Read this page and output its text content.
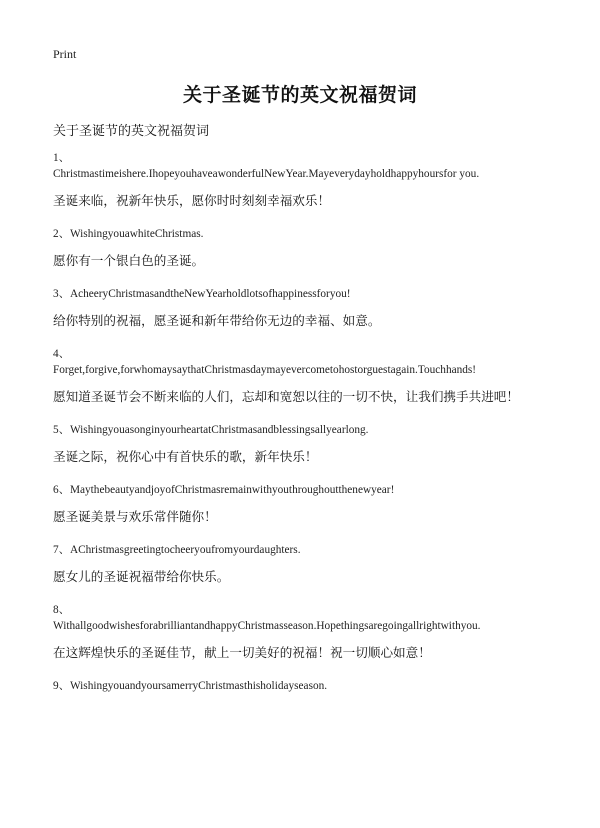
Print
关于圣诞节的英文祝福贺词
关于圣诞节的英文祝福贺词
1、
Christmastimeishere.IhopeyouhaveawonderfulNewYear.Mayeverydayholdhappyhoursfor you.
圣诞来临，祝新年快乐，愿你时时刻刻幸福欢乐！
2、WishingyouawhiteChristmas.
愿你有一个银白色的圣诞。
3、AcheeryChristmasandtheNewYearholdlotsofhappinessforyou!
给你特别的祝福，愿圣诞和新年带给你无边的幸福、如意。
4、
Forget,forgive,forwhomaysaythatChristmasdaymayevercometohostorguestagain.Touchhands!
愿知道圣诞节会不断来临的人们，忘却和宽恕以往的一切不快，让我们携手共进吧！
5、WishingyouasonginyourheartatChristmasandblessingsallyearlong.
圣诞之际，祝你心中有首快乐的歌，新年快乐！
6、MaythebeautyandjoyofChristmasremainwithyouthroughoutthenewyear!
愿圣诞美景与欢乐常伴随你！
7、AChristmasgreetingtocheeryoufromyourdaughters.
愿女儿的圣诞祝福带给你快乐。
8、
WithallgoodwishesforabrilliantandhappyChristmasseason.Hopethingsaregoingallrightwithyou.
在这辉煌快乐的圣诞佳节，献上一切美好的祝福！祝一切顺心如意！
9、WishingyouandyoursamerryChristmasthisholidayseason.
